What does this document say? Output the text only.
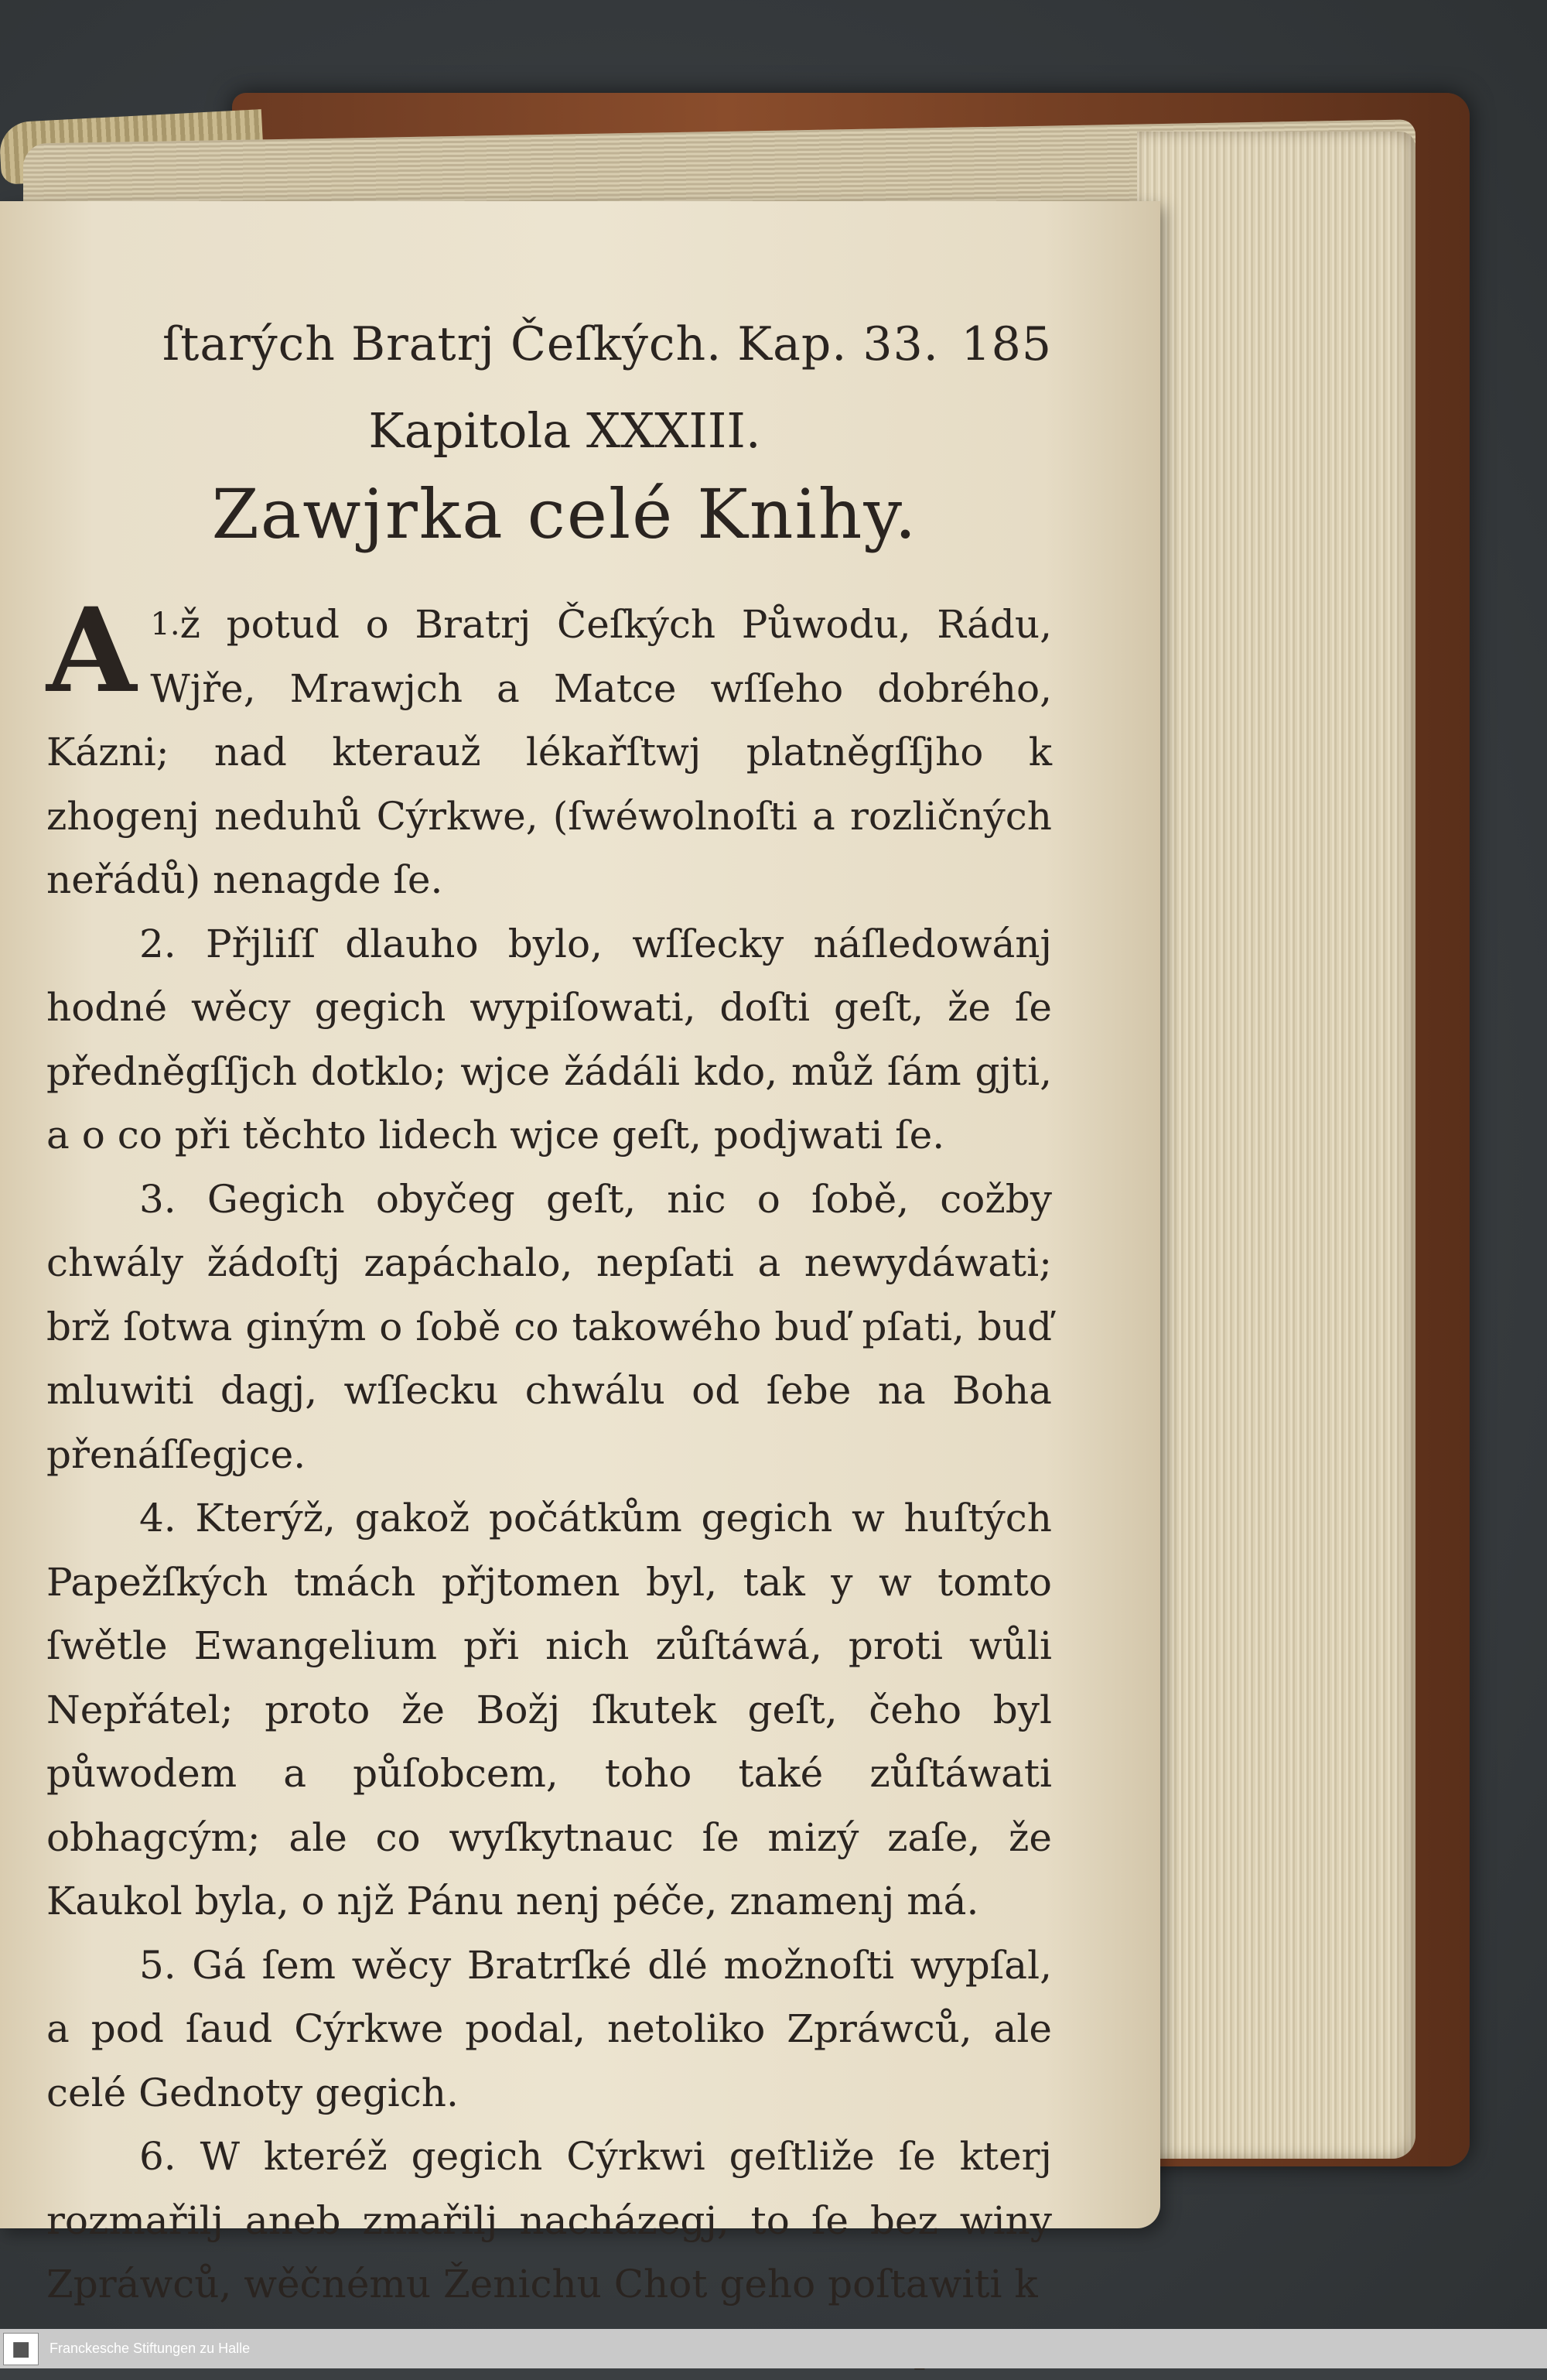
ſtarých Bratrj Čeſkých. Kap. 33. 185
Kapitola XXXIII.
Zawjrka celé Knihy.

$^{1.}$
A ž potud o Bratrj Čeſkých Půwodu, Rádu, Wjře, Mrawjch a Matce wſſeho dobrého, Kázni; nad kterauž lékařſtwj platněgſſjho k zhogenj neduhů Cýrkwe, (ſwéwolnoſti a rozličných neřádů) nenagde ſe.

2. Přjliſſ dlauho bylo, wſſecky náſledowánj hodné wěcy gegich wypiſowati, doſti geſt, že ſe předněgſſjch dotklo; wjce žádáli kdo, můž ſám gjti, a o co při těchto lidech wjce geſt, podjwati ſe.

3. Gegich obyčeg geſt, nic o ſobě, cožby chwály žádoſtj zapáchalo, nepſati a newydáwati; brž ſotwa giným o ſobě co takowého buď pſati, buď mluwiti dagj, wſſecku chwálu od ſebe na Boha přenáſſegjce.

4. Kterýž, gakož počátkům gegich w huſtých Papežſkých tmách přjtomen byl, tak y w tomto ſwětle Ewangelium při nich zůſtáwá, proti wůli Nepřátel; proto že Božj ſkutek geſt, čeho byl půwodem a půſobcem, toho také zůſtáwati obhagcým; ale co wyſkytnauc ſe mizý zaſe, že Kaukol byla, o njž Pánu nenj péče, znamenj má.

5. Gá ſem wěcy Bratrſké dlé možnoſti wypſal, a pod ſaud Cýrkwe podal, netoliko Zpráwců, ale celé Gednoty gegich.

6. W kteréž gegich Cýrkwi geſtliže ſe kterj rozmařilj aneb zmařilj nacházegj, to ſe bez winy Zpráwců, wěčnému Ženichu Chot geho poſtawiti k

■	Franckesche Stiftungen zu Halle
